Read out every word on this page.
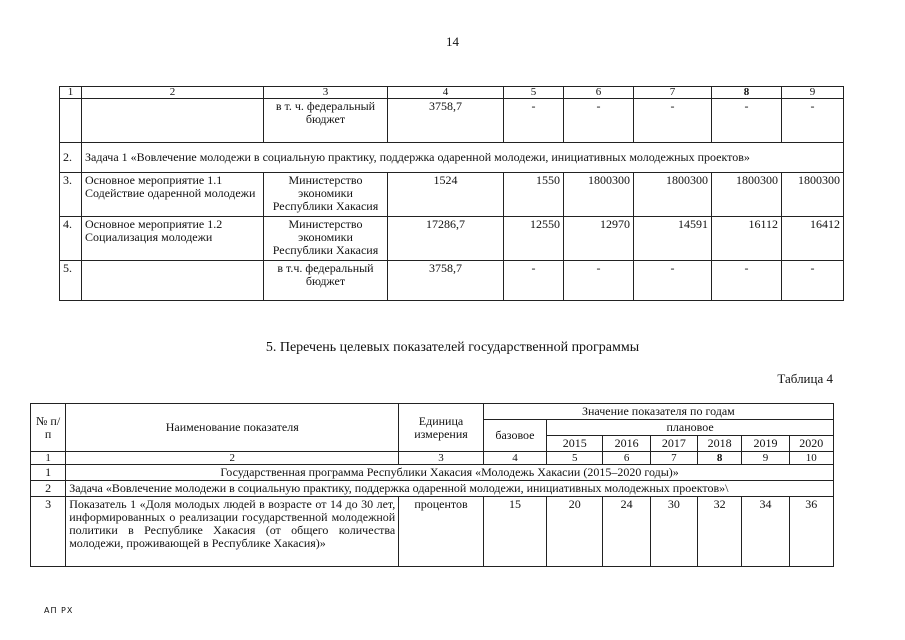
14
1	2	3	4	5	6	7	8	9
		в т. ч. федеральный бюджет	3758,7	-	-	-	-	-
2.	Задача 1 «Вовлечение молодежи в социальную практику, поддержка одаренной молодежи, инициативных молодежных проектов»							
3.	Основное мероприятие 1.1 Содействие одаренной молодежи	Министерство экономики Республики Хакасия	1524	1550	1800300	1800300	1800300	1800300
4.	Основное мероприятие 1.2 Социализация молодежи	Министерство экономики Республики Хакасия	17286,7	12550	12970	14591	16112	16412
5.		в т.ч. федеральный бюджет	3758,7	-	-	-	-	-
5. Перечень целевых показателей государственной программы
Таблица 4
№ п/п	Наименование показателя	Единица измерения	Значение показателя по годам						
			базовое	плановое					
				2015	2016	2017	2018	2019	2020
1	2	3	4	5	6	7	8	9	10
1	Государственная программа Республики Хакасия «Молодежь Хакасии (2015–2020 годы)»								
2	Задача «Вовлечение молодежи в социальную практику, поддержка одаренной молодежи, инициативных молодежных проектов»\								
3	Показатель 1 «Доля молодых людей в возрасте от 14 до 30 лет, информированных о реализации государственной молодежной политики в Республике Хакасия (от общего количества молодежи, проживающей в Республике Хакасия)»	процентов	15	20	24	30	32	34	36
АП РХ
